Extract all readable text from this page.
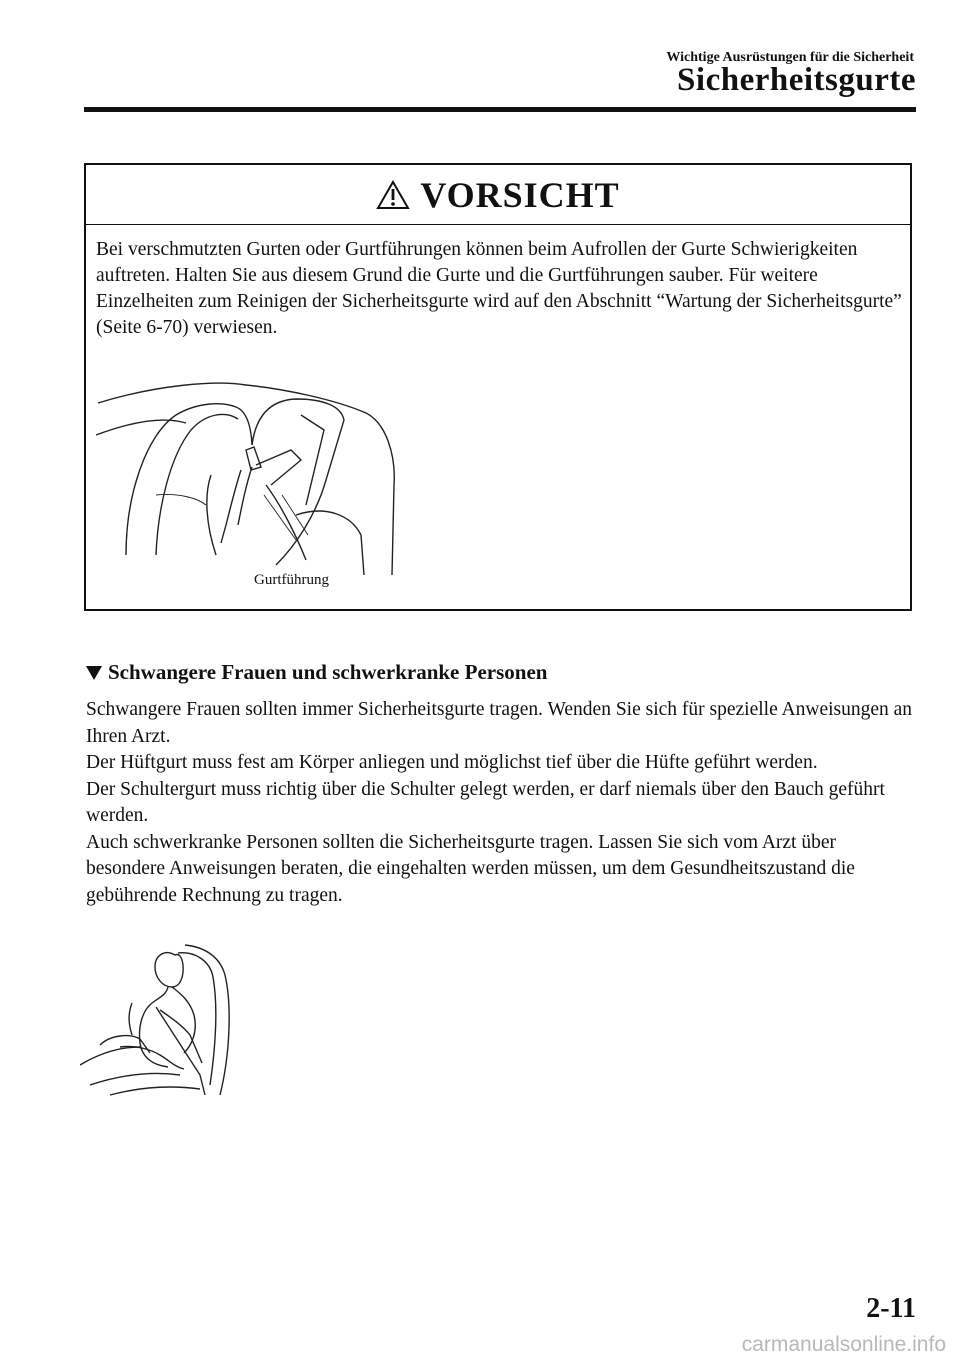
Wichtige Ausrüstungen für die Sicherheit
Sicherheitsgurte
VORSICHT
Bei verschmutzten Gurten oder Gurtführungen können beim Aufrollen der Gurte Schwierigkeiten auftreten. Halten Sie aus diesem Grund die Gurte und die Gurtführungen sauber. Für weitere Einzelheiten zum Reinigen der Sicherheitsgurte wird auf den Abschnitt “Wartung der Sicherheitsgurte” (Seite 6-70) verwiesen.
Gurtführung
Schwangere Frauen und schwerkranke Personen

Schwangere Frauen sollten immer Sicherheitsgurte tragen. Wenden Sie sich für spezielle Anweisungen an Ihren Arzt.

Der Hüftgurt muss fest am Körper anliegen und möglichst tief über die Hüfte geführt werden.

Der Schultergurt muss richtig über die Schulter gelegt werden, er darf niemals über den Bauch geführt werden.

Auch schwerkranke Personen sollten die Sicherheitsgurte tragen. Lassen Sie sich vom Arzt über besondere Anweisungen beraten, die eingehalten werden müssen, um dem Gesundheitszustand die gebührende Rechnung zu tragen.

2-11
carmanualsonline.info
